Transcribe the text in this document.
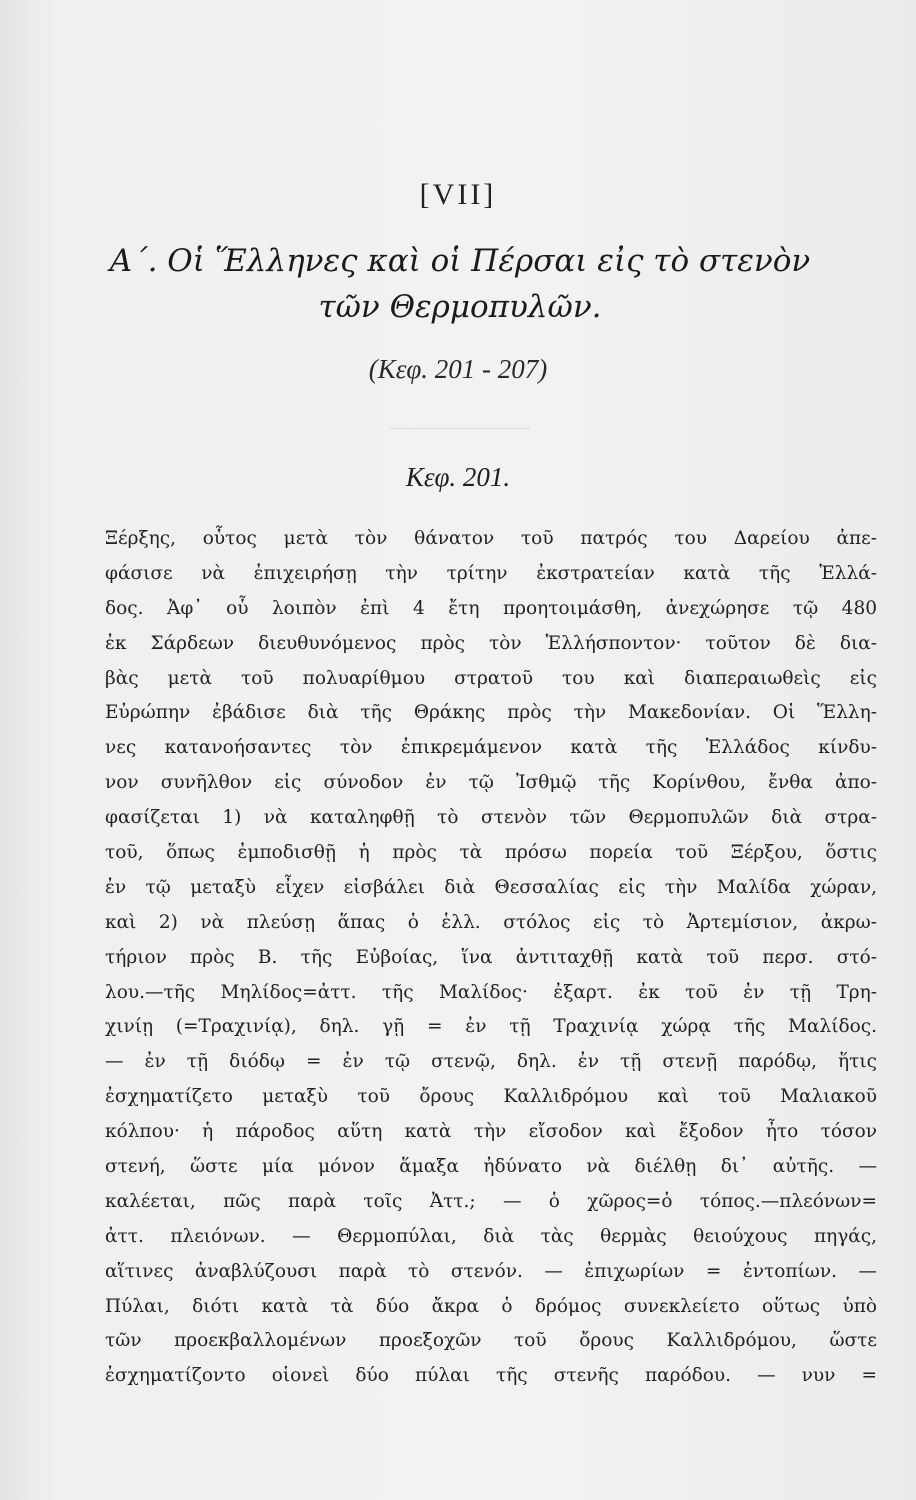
[VII]
Α΄. Οἱ Ἕλληνες καὶ οἱ Πέρσαι εἰς τὸ στενὸν
τῶν Θερμοπυλῶν.
(Κεφ. 201 - 207)
Κεφ. 201.
Ξέρξης, οὗτος μετὰ τὸν θάνατον τοῦ πατρός του Δαρείου ἀπε-
φάσισε νὰ ἐπιχειρήσῃ τὴν τρίτην ἐκστρατείαν κατὰ τῆς Ἑλλά-
δος. Ἀφ᾽ οὗ λοιπὸν ἐπὶ 4 ἔτη προητοιμάσθη, ἀνεχώρησε τῷ 480
ἐκ Σάρδεων διευθυνόμενος πρὸς τὸν Ἑλλήσποντον· τοῦτον δὲ δια-
βὰς μετὰ τοῦ πολυαρίθμου στρατοῦ του καὶ διαπεραιωθεὶς εἰς
Εὐρώπην ἐβάδισε διὰ τῆς Θράκης πρὸς τὴν Μακεδονίαν. Οἱ Ἕλλη-
νες κατανοήσαντες τὸν ἐπικρεμάμενον κατὰ τῆς Ἑλλάδος κίνδυ-
νον συνῆλθον εἰς σύνοδον ἐν τῷ Ἰσθμῷ τῆς Κορίνθου, ἔνθα ἀπο-
φασίζεται 1) νὰ καταληφθῇ τὸ στενὸν τῶν Θερμοπυλῶν διὰ στρα-
τοῦ, ὅπως ἐμποδισθῇ ἡ πρὸς τὰ πρόσω πορεία τοῦ Ξέρξου, ὅστις
ἐν τῷ μεταξὺ εἶχεν εἰσβάλει διὰ Θεσσαλίας εἰς τὴν Μαλίδα χώραν,
καὶ 2) νὰ πλεύσῃ ἅπας ὁ ἑλλ. στόλος εἰς τὸ Ἀρτεμίσιον, ἀκρω-
τήριον πρὸς Β. τῆς Εὐβοίας, ἵνα ἀντιταχθῇ κατὰ τοῦ περσ. στό-
λου.—τῆς Μηλίδος=ἀττ. τῆς Μαλίδος· ἐξαρτ. ἐκ τοῦ ἐν τῇ Τρη-
χινίῃ (=Τραχινίᾳ), δηλ. γῇ = ἐν τῇ Τραχινίᾳ χώρᾳ τῆς Μαλίδος.
— ἐν τῇ διόδῳ = ἐν τῷ στενῷ, δηλ. ἐν τῇ στενῇ παρόδῳ, ἥτις
ἐσχηματίζετο μεταξὺ τοῦ ὄρους Καλλιδρόμου καὶ τοῦ Μαλιακοῦ
κόλπου· ἡ πάροδος αὕτη κατὰ τὴν εἴσοδον καὶ ἔξοδον ἦτο τόσον
στενή, ὥστε μία μόνον ἅμαξα ἠδύνατο νὰ διέλθῃ δι᾽ αὐτῆς. —
καλέεται, πῶς παρὰ τοῖς Ἀττ.; — ὁ χῶρος=ὁ τόπος.—πλεόνων=
ἀττ. πλειόνων. — Θερμοπύλαι, διὰ τὰς θερμὰς θειούχους πηγάς,
αἵτινες ἀναβλύζουσι παρὰ τὸ στενόν. — ἐπιχωρίων = ἐντοπίων. —
Πύλαι, διότι κατὰ τὰ δύο ἄκρα ὁ δρόμος συνεκλείετο οὕτως ὑπὸ
τῶν προεκβαλλομένων προεξοχῶν τοῦ ὄρους Καλλιδρόμου, ὥστε
ἐσχηματίζοντο οἱονεὶ δύο πύλαι τῆς στενῆς παρόδου. — νυν =
